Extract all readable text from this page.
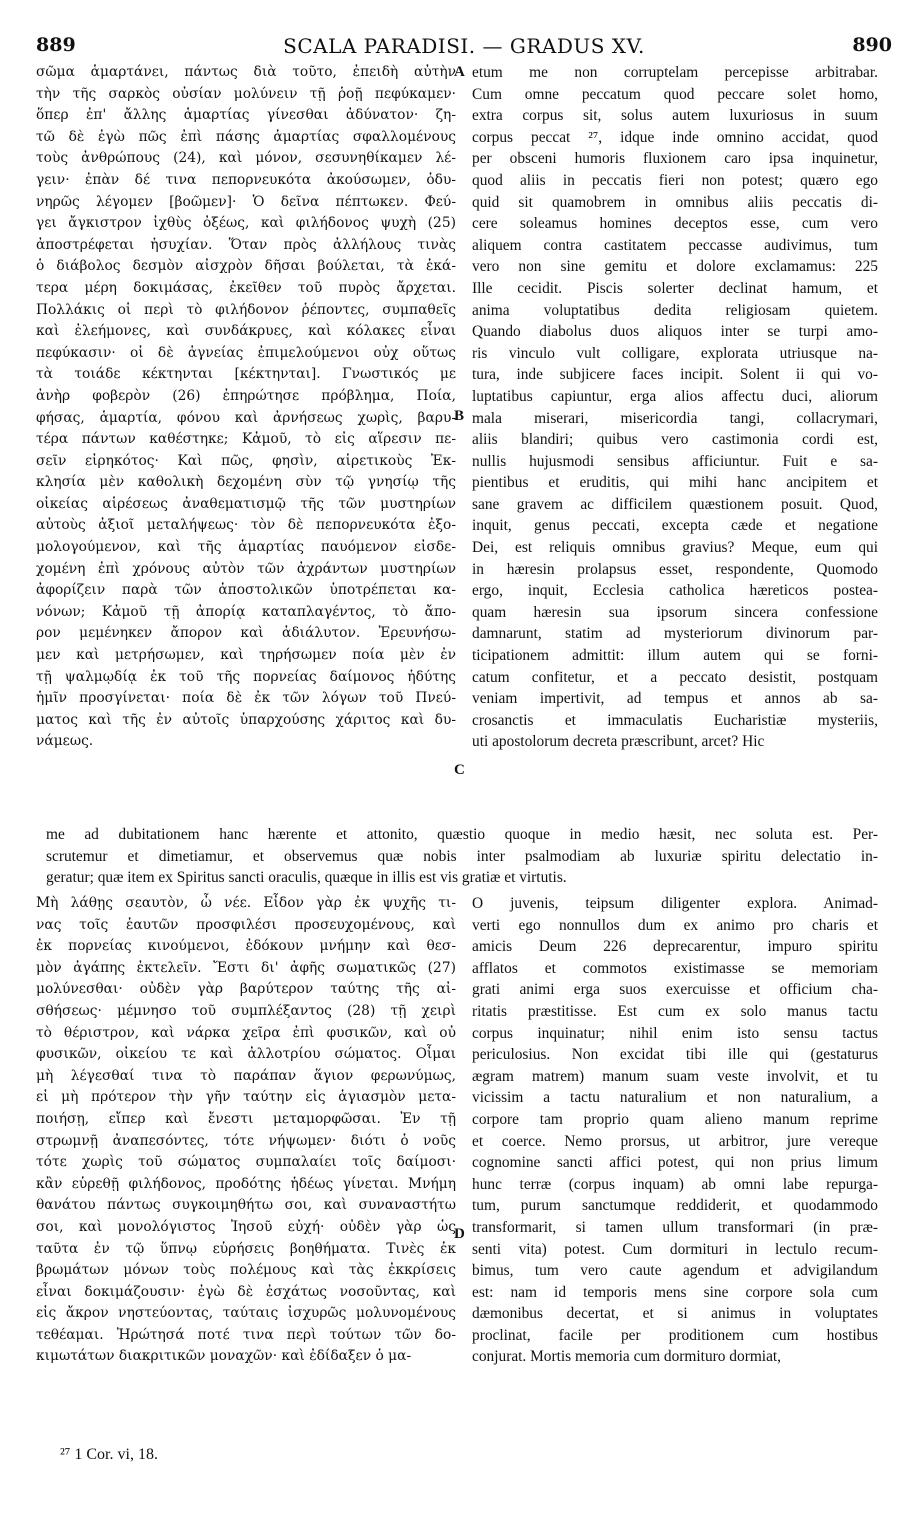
889	SCALA PARADISI. — GRADUS XV.	890
σῶμα ἁμαρτάνει, πάντως διὰ τοῦτο, ἐπειδὴ αὐτὴν
τὴν τῆς σαρκὸς οὐσίαν μολύνειν τῇ ῥοῇ πεφύκαμεν·
ὅπερ ἐπ' ἄλλης ἁμαρτίας γίνεσθαι ἀδύνατον· ζη-
τῶ δὲ ἐγὼ πῶς ἐπὶ πάσης ἁμαρτίας σφαλλομένους
τοὺς ἀνθρώπους (24), καὶ μόνον, σεσυνηθίκαμεν λέ-
γειν· ἐπὰν δέ τινα πεπορνευκότα ἀκούσωμεν, ὀδυ-
νηρῶς λέγομεν [βοῶμεν]· Ὁ δεῖνα πέπτωκεν. Φεύ-
γει ἄγκιστρον ἰχθὺς ὀξέως, καὶ φιλήδονος ψυχὴ (25)
ἀποστρέφεται ἡσυχίαν. Ὅταν πρὸς ἀλλήλους τινὰς
ὁ διάβολος δεσμὸν αἰσχρὸν δῆσαι βούλεται, τὰ ἑκά-
τερα μέρη δοκιμάσας, ἐκεῖθεν τοῦ πυρὸς ἄρχεται.
Πολλάκις οἱ περὶ τὸ φιλήδονον ῥέποντες, συμπαθεῖς
καὶ ἐλεήμονες, καὶ συνδάκρυες, καὶ κόλακες εἶναι
πεφύκασιν· οἱ δὲ ἁγνείας ἐπιμελούμενοι οὐχ οὕτως
τὰ τοιάδε κέκτηνται [κέκτηνται]. Γνωστικός με
ἀνὴρ φοβερὸν (26) ἐπηρώτησε πρόβλημα, Ποία,
φήσας, ἁμαρτία, φόνου καὶ ἀρνήσεως χωρὶς, βαρυ-
τέρα πάντων καθέστηκε; Κἀμοῦ, τὸ εἰς αἵρεσιν πε-
σεῖν εἰρηκότος· Καὶ πῶς, φησὶν, αἱρετικοὺς Ἐκ-
κλησία μὲν καθολικὴ δεχομένη σὺν τῷ γνησίῳ τῆς
οἰκείας αἱρέσεως ἀναθεματισμῷ τῆς τῶν μυστηρίων
αὐτοὺς ἀξιοῖ μεταλήψεως· τὸν δὲ πεπορνευκότα ἐξο-
μολογούμενον, καὶ τῆς ἁμαρτίας παυόμενον εἰσδε-
χομένη ἐπὶ χρόνους αὐτὸν τῶν ἀχράντων μυστηρίων
ἀφορίζειν παρὰ τῶν ἀποστολικῶν ὑποτρέπεται κα-
νόνων; Κἀμοῦ τῇ ἀπορίᾳ καταπλαγέντος, τὸ ἄπο-
ρον μεμένηκεν ἄπορον καὶ ἀδιάλυτον. Ἐρευνήσω-
μεν καὶ μετρήσωμεν, καὶ τηρήσωμεν ποία μὲν ἐν
τῇ ψαλμῳδίᾳ ἐκ τοῦ τῆς πορνείας δαίμονος ἡδύτης
ἡμῖν προσγίνεται· ποία δὲ ἐκ τῶν λόγων τοῦ Πνεύ-
ματος καὶ τῆς ἐν αὐτοῖς ὑπαρχούσης χάριτος καὶ δυ-
νάμεως.
etum me non corruptelam percepisse arbitrabar.
Cum omne peccatum quod peccare solet homo,
extra corpus sit, solus autem luxuriosus in suum
corpus peccat ²⁷, idque inde omnino accidat, quod
per obsceni humoris fluxionem caro ipsa inquinetur,
quod aliis in peccatis fieri non potest; quæro ego
quid sit quamobrem in omnibus aliis peccatis di-
cere soleamus homines deceptos esse, cum vero
aliquem contra castitatem peccasse audivimus, tum
vero non sine gemitu et dolore exclamamus: 225
Ille cecidit. Piscis solerter declinat hamum, et
anima voluptatibus dedita religiosam quietem.
Quando diabolus duos aliquos inter se turpi amo-
ris vinculo vult colligare, explorata utriusque na-
tura, inde subjicere faces incipit. Solent ii qui vo-
luptatibus capiuntur, erga alios affectu duci, aliorum
mala miserari, misericordia tangi, collacrymari,
aliis blandiri; quibus vero castimonia cordi est,
nullis hujusmodi sensibus afficiuntur. Fuit e sa-
pientibus et eruditis, qui mihi hanc ancipitem et
sane gravem ac difficilem quæstionem posuit. Quod,
inquit, genus peccati, excepta cæde et negatione
Dei, est reliquis omnibus gravius? Meque, eum qui
in hæresin prolapsus esset, respondente, Quomodo
ergo, inquit, Ecclesia catholica hæreticos postea-
quam hæresin sua ipsorum sincera confessione
damnarunt, statim ad mysteriorum divinorum par-
ticipationem admittit: illum autem qui se forni-
catum confitetur, et a peccato desistit, postquam
veniam impertivit, ad tempus et annos ab sa-
crosanctis et immaculatis Eucharistiæ mysteriis,
uti apostolorum decreta præscribunt, arcet? Hic
me ad dubitationem hanc hærente et attonito, quæstio quoque in medio hæsit, nec soluta est. Per-
scrutemur et dimetiamur, et observemus quæ nobis inter psalmodiam ab luxuriæ spiritu delectatio in-
geratur; quæ item ex Spiritus sancti oraculis, quæque in illis est vis gratiæ et virtutis.
Μὴ λάθῃς σεαυτὸν, ὦ νέε. Εἶδον γὰρ ἐκ ψυχῆς τι-
νας τοῖς ἑαυτῶν προσφιλέσι προσευχομένους, καὶ
ἐκ πορνείας κινούμενοι, ἐδόκουν μνήμην καὶ θεσ-
μὸν ἀγάπης ἐκτελεῖν. Ἔστι δι' ἀφῆς σωματικῶς (27)
μολύνεσθαι· οὐδὲν γὰρ βαρύτερον ταύτης τῆς αἰ-
σθήσεως· μέμνησο τοῦ συμπλέξαντος (28) τῇ χειρὶ
τὸ θέριστρον, καὶ νάρκα χεῖρα ἐπὶ φυσικῶν, καὶ οὐ
φυσικῶν, οἰκείου τε καὶ ἀλλοτρίου σώματος. Οἶμαι
μὴ λέγεσθαί τινα τὸ παράπαν ἅγιον φερωνύμως,
εἰ μὴ πρότερον τὴν γῆν ταύτην εἰς ἁγιασμὸν μετα-
ποιήσῃ, εἴπερ καὶ ἔνεστι μεταμορφῶσαι. Ἐν τῇ
στρωμνῇ ἀναπεσόντες, τότε νήψωμεν· διότι ὁ νοῦς
τότε χωρὶς τοῦ σώματος συμπαλαίει τοῖς δαίμοσι·
κἂν εὑρεθῇ φιλήδονος, προδότης ἡδέως γίνεται. Μνήμη
θανάτου πάντως συγκοιμηθήτω σοι, καὶ συναναστήτω
σοι, καὶ μονολόγιστος Ἰησοῦ εὐχή· οὐδὲν γὰρ ὡς
ταῦτα ἐν τῷ ὕπνῳ εὑρήσεις βοηθήματα. Τινὲς ἐκ
βρωμάτων μόνων τοὺς πολέμους καὶ τὰς ἐκκρίσεις
εἶναι δοκιμάζουσιν· ἐγὼ δὲ ἐσχάτως νοσοῦντας, καὶ
εἰς ἄκρον νηστεύοντας, ταύταις ἰσχυρῶς μολυνομένους
τεθέαμαι. Ἠρώτησά ποτέ τινα περὶ τούτων τῶν δο-
κιμωτάτων διακριτικῶν μοναχῶν· καὶ ἐδίδαξεν ὁ μα-
O juvenis, teipsum diligenter explora. Animad-
verti ego nonnullos dum ex animo pro charis et
amicis Deum 226 deprecarentur, impuro spiritu
afflatos et commotos existimasse se memoriam
grati animi erga suos exercuisse et officium cha-
ritatis præstitisse. Est cum ex solo manus tactu
corpus inquinatur; nihil enim isto sensu tactus
periculosius. Non excidat tibi ille qui (gestaturus
ægram matrem) manum suam veste involvit, et tu
vicissim a tactu naturalium et non naturalium, a
corpore tam proprio quam alieno manum reprime
et coerce. Nemo prorsus, ut arbitror, jure vereque
cognomine sancti affici potest, qui non prius limum
hunc terræ (corpus inquam) ab omni labe repurga-
tum, purum sanctumque reddiderit, et quodammodo
transformarit, si tamen ullum transformari (in præ-
senti vita) potest. Cum dormituri in lectulo recum-
bimus, tum vero caute agendum et advigilandum
est: nam id temporis mens sine corpore sola cum
dæmonibus decertat, et si animus in voluptates
proclinat, facile per proditionem cum hostibus
conjurat. Mortis memoria cum dormituro dormiat,
A
B
C
D
²⁷ 1 Cor. vi, 18.
